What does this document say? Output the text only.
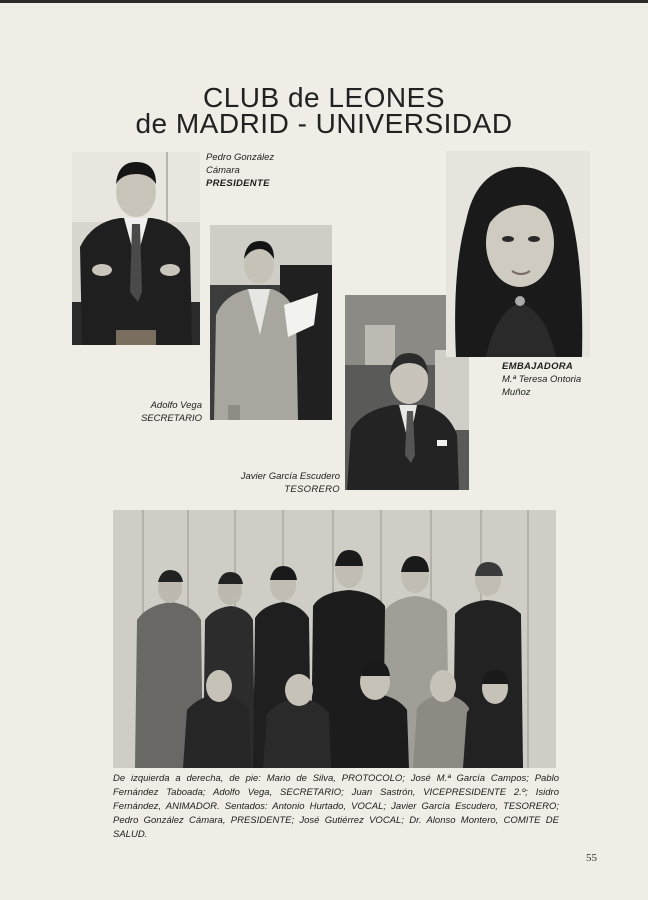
CLUB de LEONES
de MADRID - UNIVERSIDAD
Pedro González
Cámara
PRESIDENTE
Adolfo Vega
SECRETARIO
Javier García Escudero
TESORERO
EMBAJADORA
M.ª Teresa Ontoria
Muñoz
De izquierda a derecha, de pie: Mario de Silva, PROTOCOLO; José M.ª García Campos; Pablo Fernández Taboada; Adolfo Vega, SECRETARIO; Juan Sastrón, VICEPRESIDENTE 2.º; Isidro Fernández, ANIMADOR. Sentados: Antonio Hurtado, VOCAL; Javier García Escudero, TESORERO; Pedro González Cámara, PRESIDENTE; José Gutiérrez VOCAL; Dr. Alonso Montero, COMITE DE SALUD.
55
